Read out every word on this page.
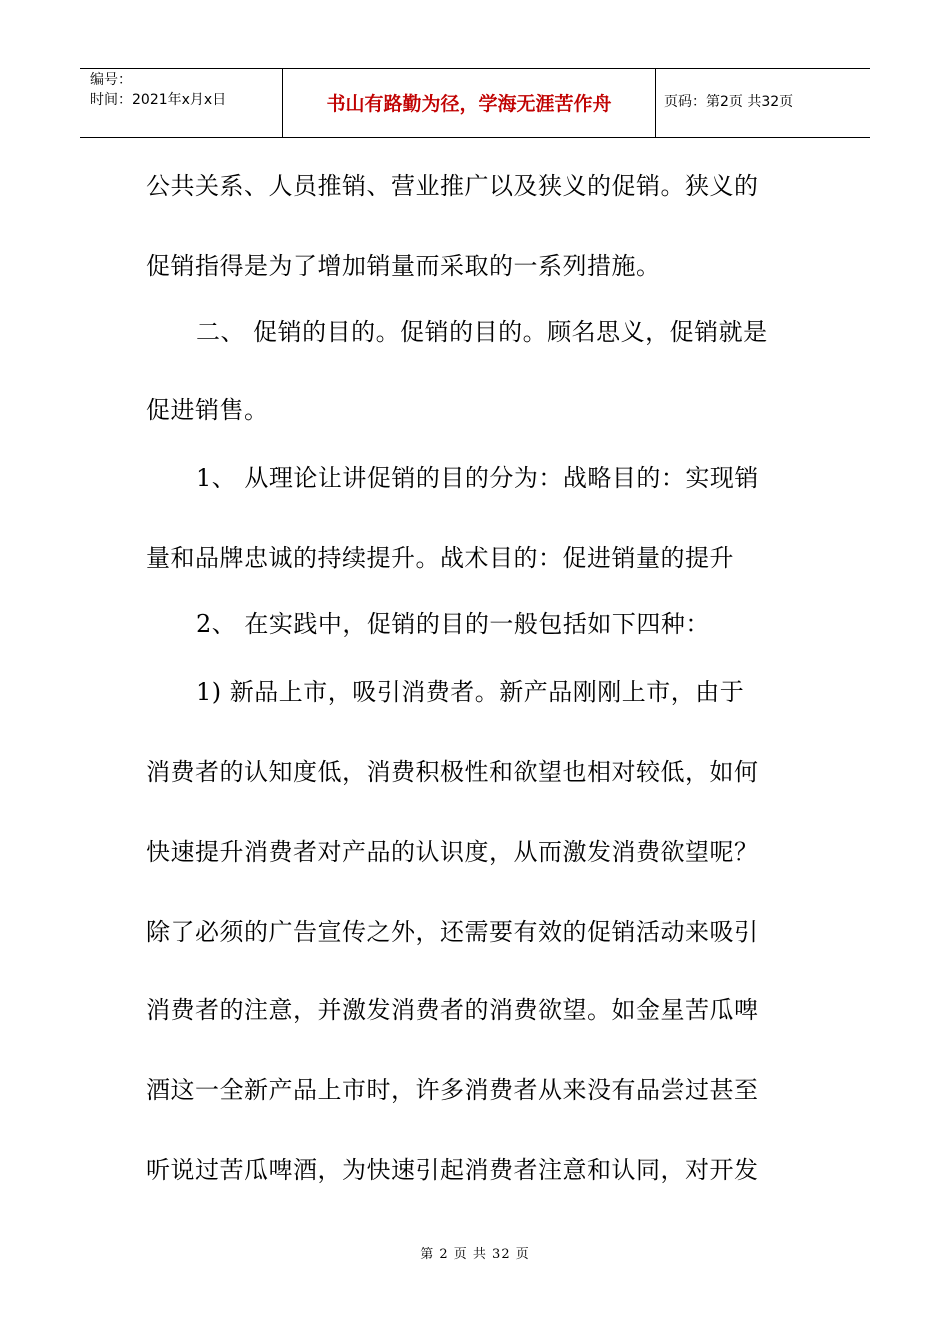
编号：
时间：2021年x月x日	书山有路勤为径，学海无涯苦作舟	页码：第2页 共32页
公共关系、人员推销、营业推广以及狭义的促销。狭义的
促销指得是为了增加销量而采取的一系列措施。
二、 促销的目的。促销的目的。顾名思义，促销就是
促进销售。
1、 从理论让讲促销的目的分为：战略目的：实现销
量和品牌忠诚的持续提升。战术目的：促进销量的提升
2、 在实践中，促销的目的一般包括如下四种：
1) 新品上市，吸引消费者。新产品刚刚上市，由于
消费者的认知度低，消费积极性和欲望也相对较低，如何
快速提升消费者对产品的认识度，从而激发消费欲望呢？
除了必须的广告宣传之外，还需要有效的促销活动来吸引
消费者的注意，并激发消费者的消费欲望。如金星苦瓜啤
酒这一全新产品上市时，许多消费者从来没有品尝过甚至
听说过苦瓜啤酒，为快速引起消费者注意和认同，对开发
第 2 页 共 32 页
